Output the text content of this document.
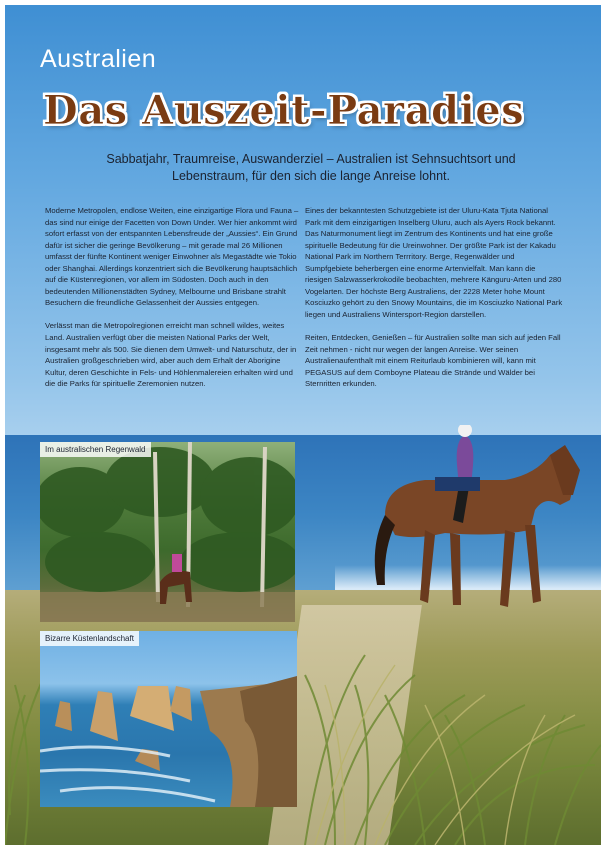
Australien
Das Auszeit-Paradies

Sabbatjahr, Traumreise, Auswanderziel – Australien ist Sehnsuchtsort und Lebenstraum, für den sich die lange Anreise lohnt.

Moderne Metropolen, endlose Weiten, eine einzigartige Flora und Fauna – das sind nur einige der Facetten von Down Under. Wer hier ankommt wird sofort erfasst von der entspannten Lebensfreude der „Aussies“. Ein Grund dafür ist sicher die geringe Bevölkerung – mit gerade mal 26 Millionen umfasst der fünfte Kontinent weniger Einwohner als Megastädte wie Tokio oder Shanghai. Allerdings konzentriert sich die Bevölkerung hauptsächlich auf die Küstenregionen, vor allem im Südosten. Doch auch in den bedeutenden Millionenstädten Sydney, Melbourne und Brisbane strahlt Besuchern die freundliche Gelassenheit der Aussies entgegen.

Verlässt man die Metropolregionen erreicht man schnell wildes, weites Land. Australien verfügt über die meisten National Parks der Welt, insgesamt mehr als 500. Sie dienen dem Umwelt- und Naturschutz, der in Australien großgeschrieben wird, aber auch dem Erhalt der Aborigine Kultur, deren Geschichte in Fels- und Höhlenmalereien erhalten wird und die die Parks für spirituelle Zeremonien nutzen.

Eines der bekanntesten Schutzgebiete ist der Uluru-Kata Tjuta National Park mit dem einzigartigen Inselberg Uluru, auch als Ayers Rock bekannt. Das Naturmonument liegt im Zentrum des Kontinents und hat eine große spirituelle Bedeutung für die Ureinwohner. Der größte Park ist der Kakadu National Park im Northern Terrritory. Berge, Regenwälder und Sumpfgebiete beherbergen eine enorme Artenvielfalt. Man kann die riesigen Salzwasserkrokodile beobachten, mehrere Känguru-Arten und 280 Vogelarten. Der höchste Berg Australiens, der 2228 Meter hohe Mount Kosciuzko gehört zu den Snowy Mountains, die im Kosciuzko National Park liegen und Australiens Wintersport-Region darstellen.

Reiten, Entdecken, Genießen – für Australien sollte man sich auf jeden Fall Zeit nehmen - nicht nur wegen der langen Anreise. Wer seinen Australienaufenthalt mit einem Reiturlaub kombinieren will, kann mit PEGASUS auf dem Comboyne Plateau die Strände und Wälder bei Sternritten erkunden.

Im australischen Regenwald
Bizarre Küstenlandschaft
